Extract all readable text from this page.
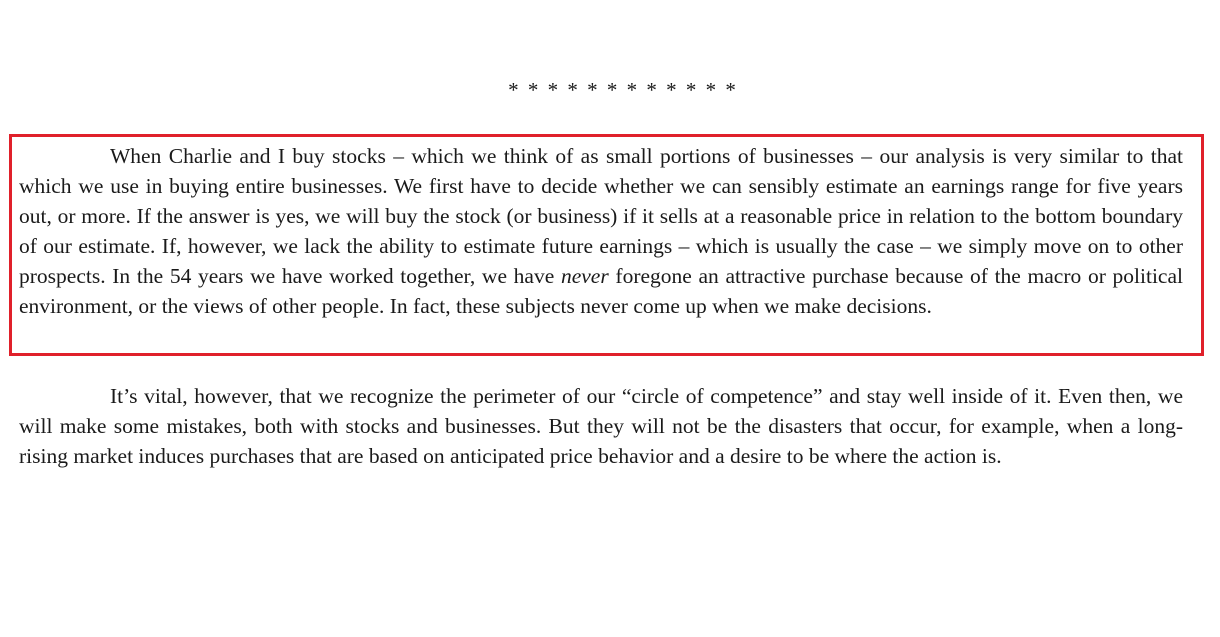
* * * * * * * * * * * *

When Charlie and I buy stocks – which we think of as small portions of businesses – our analysis is very similar to that which we use in buying entire businesses. We first have to decide whether we can sensibly estimate an earnings range for five years out, or more. If the answer is yes, we will buy the stock (or business) if it sells at a reasonable price in relation to the bottom boundary of our estimate. If, however, we lack the ability to estimate future earnings – which is usually the case – we simply move on to other prospects. In the 54 years we have worked together, we have never foregone an attractive purchase because of the macro or political environment, or the views of other people. In fact, these subjects never come up when we make decisions.

It’s vital, however, that we recognize the perimeter of our “circle of competence” and stay well inside of it. Even then, we will make some mistakes, both with stocks and businesses. But they will not be the disasters that occur, for example, when a long-rising market induces purchases that are based on anticipated price behavior and a desire to be where the action is.
